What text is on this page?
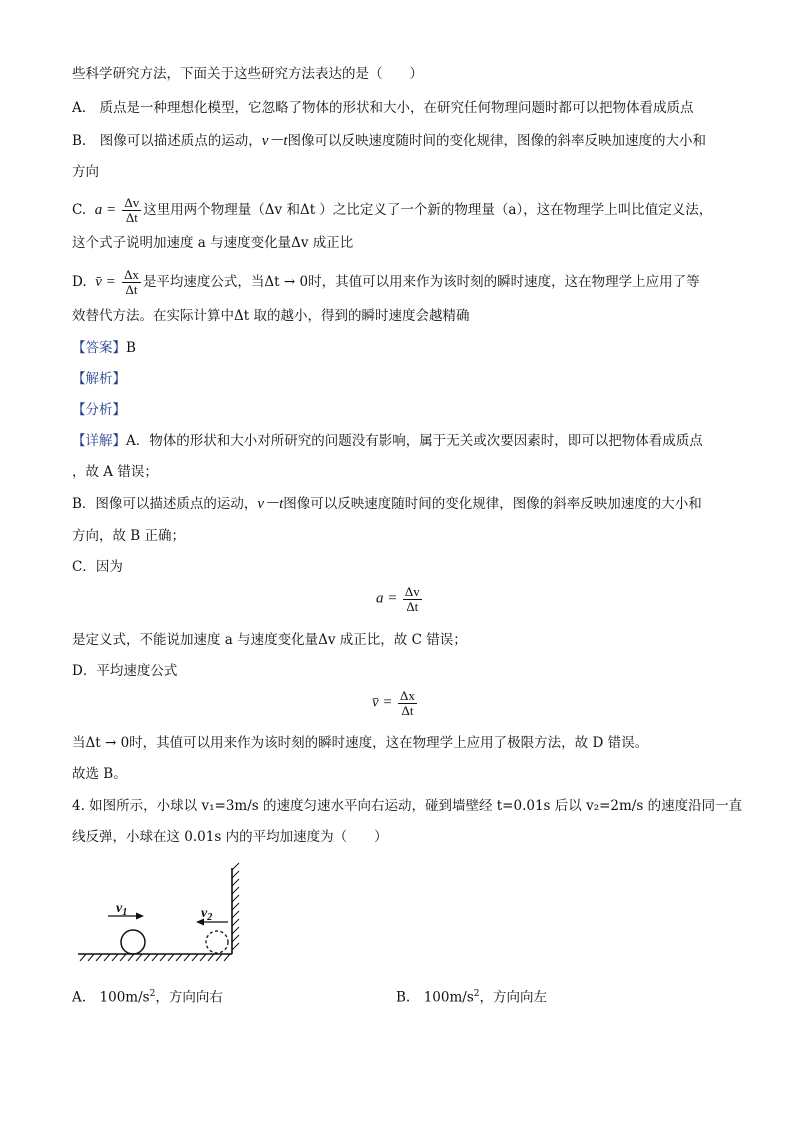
些科学研究方法，下面关于这些研究方法表达的是（　　）
A.　质点是一种理想化模型，它忽略了物体的形状和大小，在研究任何物理问题时都可以把物体看成质点
B.　图像可以描述质点的运动，v－t图像可以反映速度随时间的变化规律，图像的斜率反映加速度的大小和
方向
C. $a = \frac{\Delta v}{\Delta t}$ 这里用两个物理量（Δv 和Δt ）之比定义了一个新的物理量（a），这在物理学上叫比值定义法，
这个式子说明加速度 a 与速度变化量Δv 成正比
D. v̄ = $\frac{\Delta x}{\Delta t}$ 是平均速度公式，当Δt → 0时，其值可以用来作为该时刻的瞬时速度，这在物理学上应用了等
效替代方法。在实际计算中Δt 取的越小，得到的瞬时速度会越精确
【答案】B
【解析】
【分析】
【详解】A．物体的形状和大小对所研究的问题没有影响，属于无关或次要因素时，即可以把物体看成质点
，故 A 错误；
B．图像可以描述质点的运动，v－t图像可以反映速度随时间的变化规律，图像的斜率反映加速度的大小和
方向，故 B 正确；
C．因为
$a = \frac{\Delta v}{\Delta t}$
是定义式，不能说加速度 a 与速度变化量Δv 成正比，故 C 错误；
D．平均速度公式
v̄ = $\frac{\Delta x}{\Delta t}$
当Δt → 0时，其值可以用来作为该时刻的瞬时速度，这在物理学上应用了极限方法，故 D 错误。
故选 B。
4. 如图所示，小球以 v₁=3m/s 的速度匀速水平向右运动，碰到墙壁经 t=0.01s 后以 v₂=2m/s 的速度沿同一直
线反弹，小球在这 0.01s 内的平均加速度为（　　）
$v_1$	$v_2$
A.　$100m/s^2$，方向向右	B.　$100m/s^2$，方向向左
